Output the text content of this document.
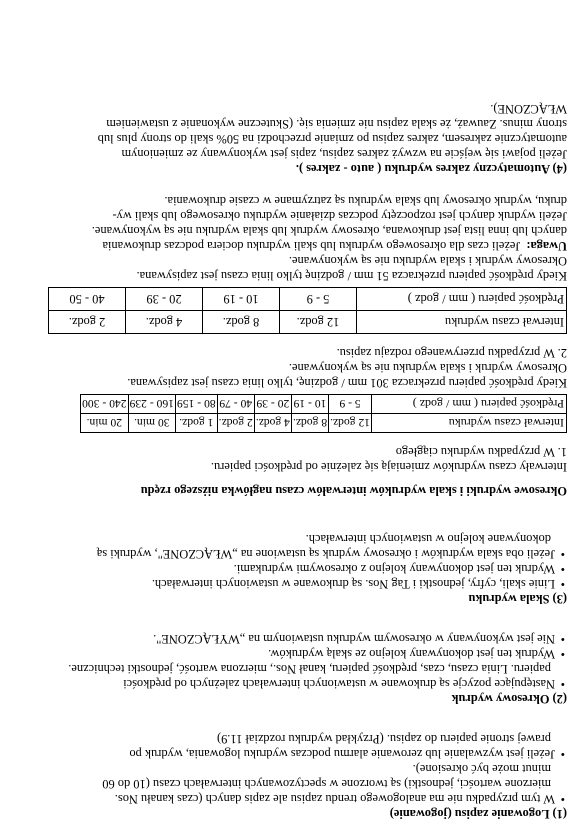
(1) Logowanie zapisu (jogowanie)
•W tym przypadku nie ma analogowego trendu zapisu ale zapis danych (czas kanału Nos.
mierzone wartości, jednostki) są tworzone w spectyzowanych interwałach czasu (10 do 60
minut może być okresione).
•Jeżeli jest wyzwalanie lub zerowanie alarmu podczas wydruku logowania, wydruk po
prawej stronie papieru do zapisu. (Przykład wydruku rozdział 11.9)
(2) Okresowy wydruk
•Następujące pozycje są drukowane w ustawionych interwałach zależnych od prędkości
papieru. Linia czasu, czas, prędkość papieru, kanał Nos., mierzona wartość, jednostki techniczne.
•Wydruk ten jest dokonywany kolejno ze skalą wydruków.
•Nie jest wykonywany w okresowym wydruku ustawionym na „WYŁĄCZONE".
(3) Skala wydruku
•Linie skali, cyfry, jednostki i Tag Nos. są drukowane w ustawionych interwałach.
•Wydruk ten jest dokonywany kolejno z okresowymi wydrukami.
•Jeżeli oba skala wydruków i okresowy wydruk są ustawione na „WŁĄCZONE", wydruki są
dokonywane kolejno w ustawionych interwałach.
Okresowe wydruki i skala wydruków interwałów czasu nagłówka niższego rzędu
Interwały czasu wydruków zmieniają się zależnie od prędkości papieru.
1. W przypadku wydruku ciągłego
Interwał czasu wydruku	12 godz.	8 godz.	4 godz.	2 godz.	1 godz.	30 min.	20 min.
Prędkość papieru ( mm / godz )	5 - 9	10 - 19	20 - 39	40 - 79	80 - 159	160 - 239	240 - 300
Kiedy prędkość papieru przekracza 301 mm / godzinę, tylko linia czasu jest zapisywana.
Okresowy wydruk i skala wydruku nie są wykonywane.
2. W przypadku przerywanego rodzaju zapisu.
Interwał czasu wydruku	12 godz.	8 godz.	4 godz.	2 godz.
Prędkość papieru ( mm / godz )	5 - 9	10 - 19	20 - 39	40 - 50
Kiedy prędkość papieru przekracza 51 mm / godzinę tylko linia czasu jest zapisywana.
Okresowy wydruk i skala wydruku nie są wykonywane.
Uwaga:  Jeżeli czas dla okresowego wydruku lub skali wydruku dociera podczas drukowania
danych lub inna lista jest drukowana, okresowy wydruk lub skala wydruku nie są wykonywane.
Jeżeli wydruk danych jest rozpoczęty podczas działanie wydruku okresowego lub skali wy-
druku, wydruk okresowy lub skala wydruku są zatrzymane w czasie drukowania.
(4) Automatyczny zakres wydruku ( auto - zakres ).
Jeżeli pojawi się wejście na wzwyż zakres zapisu, zapis jest wykonywany ze zmienionym
automatycznie zakresem, zakres zapisu po zmianie przechodzi na 50% skali do strony plus lub
strony minus. Zauważ, że skala zapisu nie zmienia się. (Skuteczne wykonanie z ustawieniem
WŁĄCZONE).
